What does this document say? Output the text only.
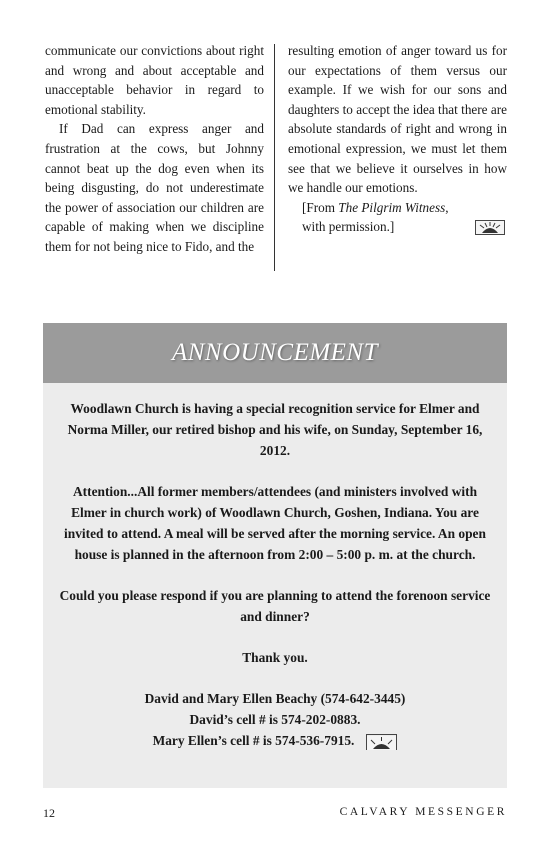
communicate our convictions about right and wrong and about acceptable and unacceptable behavior in regard to emotional stability.

If Dad can express anger and frustration at the cows, but Johnny cannot beat up the dog even when its being disgusting, do not underestimate the power of association our children are capable of making when we discipline them for not being nice to Fido, and the

resulting emotion of anger toward us for our expectations of them versus our example. If we wish for our sons and daughters to accept the idea that there are absolute standards of right and wrong in emotional expression, we must let them see that we believe it ourselves in how we handle our emotions.

[From The Pilgrim Witness,
with permission.]

ANNOUNCEMENT

Woodlawn Church is having a special recognition service for Elmer and Norma Miller, our retired bishop and his wife, on Sunday, September 16, 2012.

Attention...All former members/attendees (and ministers involved with Elmer in church work) of Woodlawn Church, Goshen, Indiana. You are invited to attend. A meal will be served after the morning service. An open house is planned in the afternoon from 2:00 – 5:00 p. m. at the church.

Could you please respond if you are planning to attend the forenoon service and dinner?

Thank you.

David and Mary Ellen Beachy (574-642-3445)

David’s cell # is 574-202-0883.

Mary Ellen’s cell # is 574-536-7915.

12	CALVARY MESSENGER
